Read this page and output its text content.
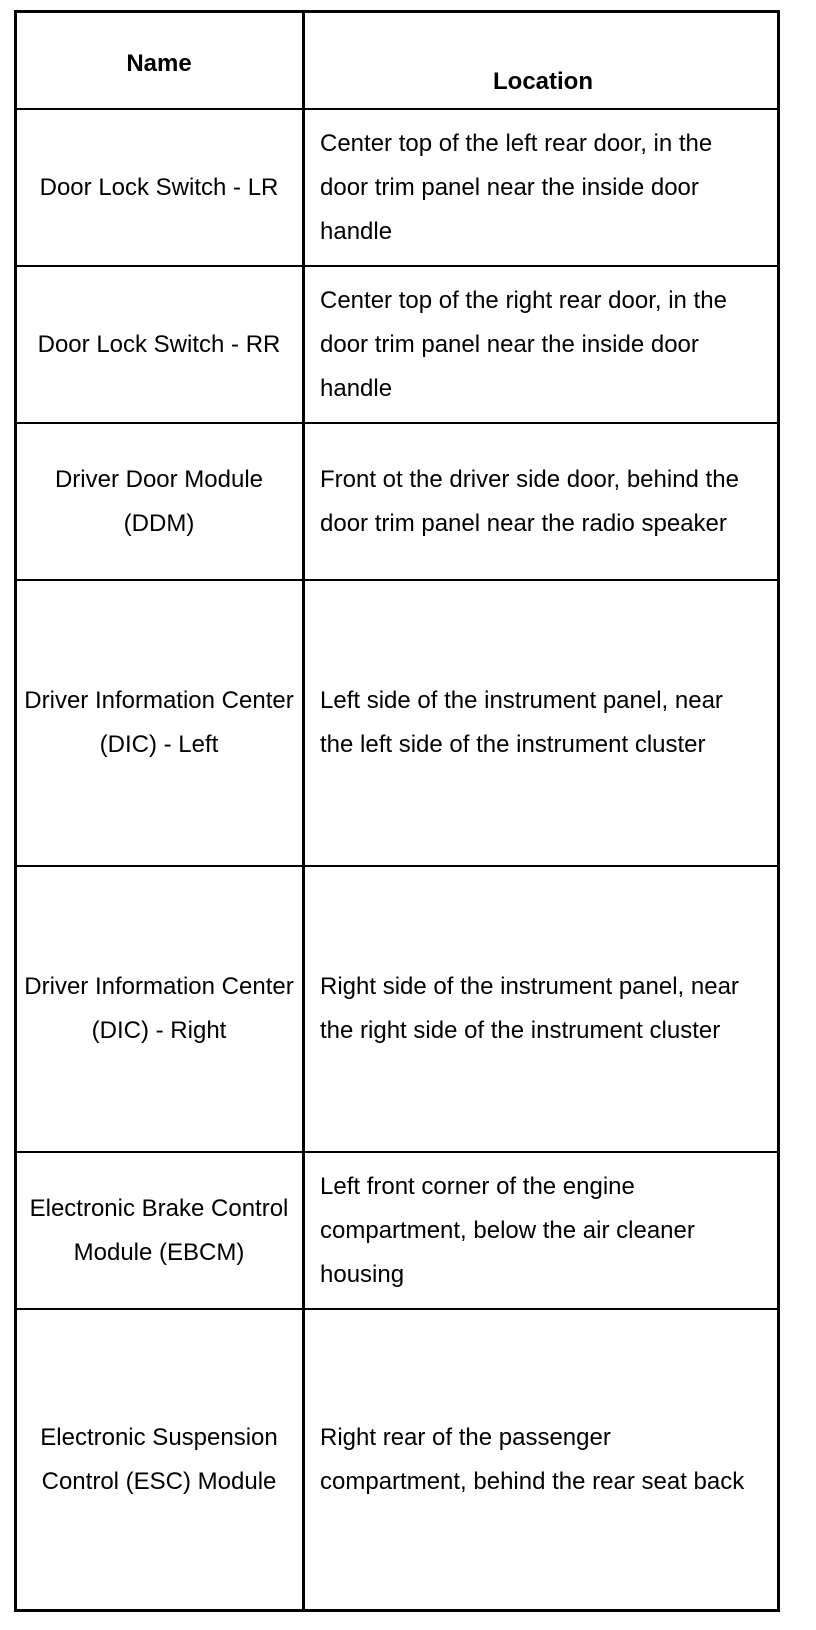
Name
Location
Door Lock Switch - LR
Center top of the left rear door, in the door trim panel near the inside door handle
Door Lock Switch - RR
Center top of the right rear door, in the door trim panel near the inside door handle
Driver Door Module (DDM)
Front ot the driver side door, behind the door trim panel near the radio speaker
Driver Information Center (DIC) - Left
Left side of the instrument panel, near the left side of the instrument cluster
Driver Information Center (DIC) - Right
Right side of the instrument panel, near the right side of the instrument cluster
Electronic Brake Control Module (EBCM)
Left front corner of the engine compartment, below the air cleaner housing
Electronic Suspension Control (ESC) Module
Right rear of the passenger compartment, behind the rear seat back
